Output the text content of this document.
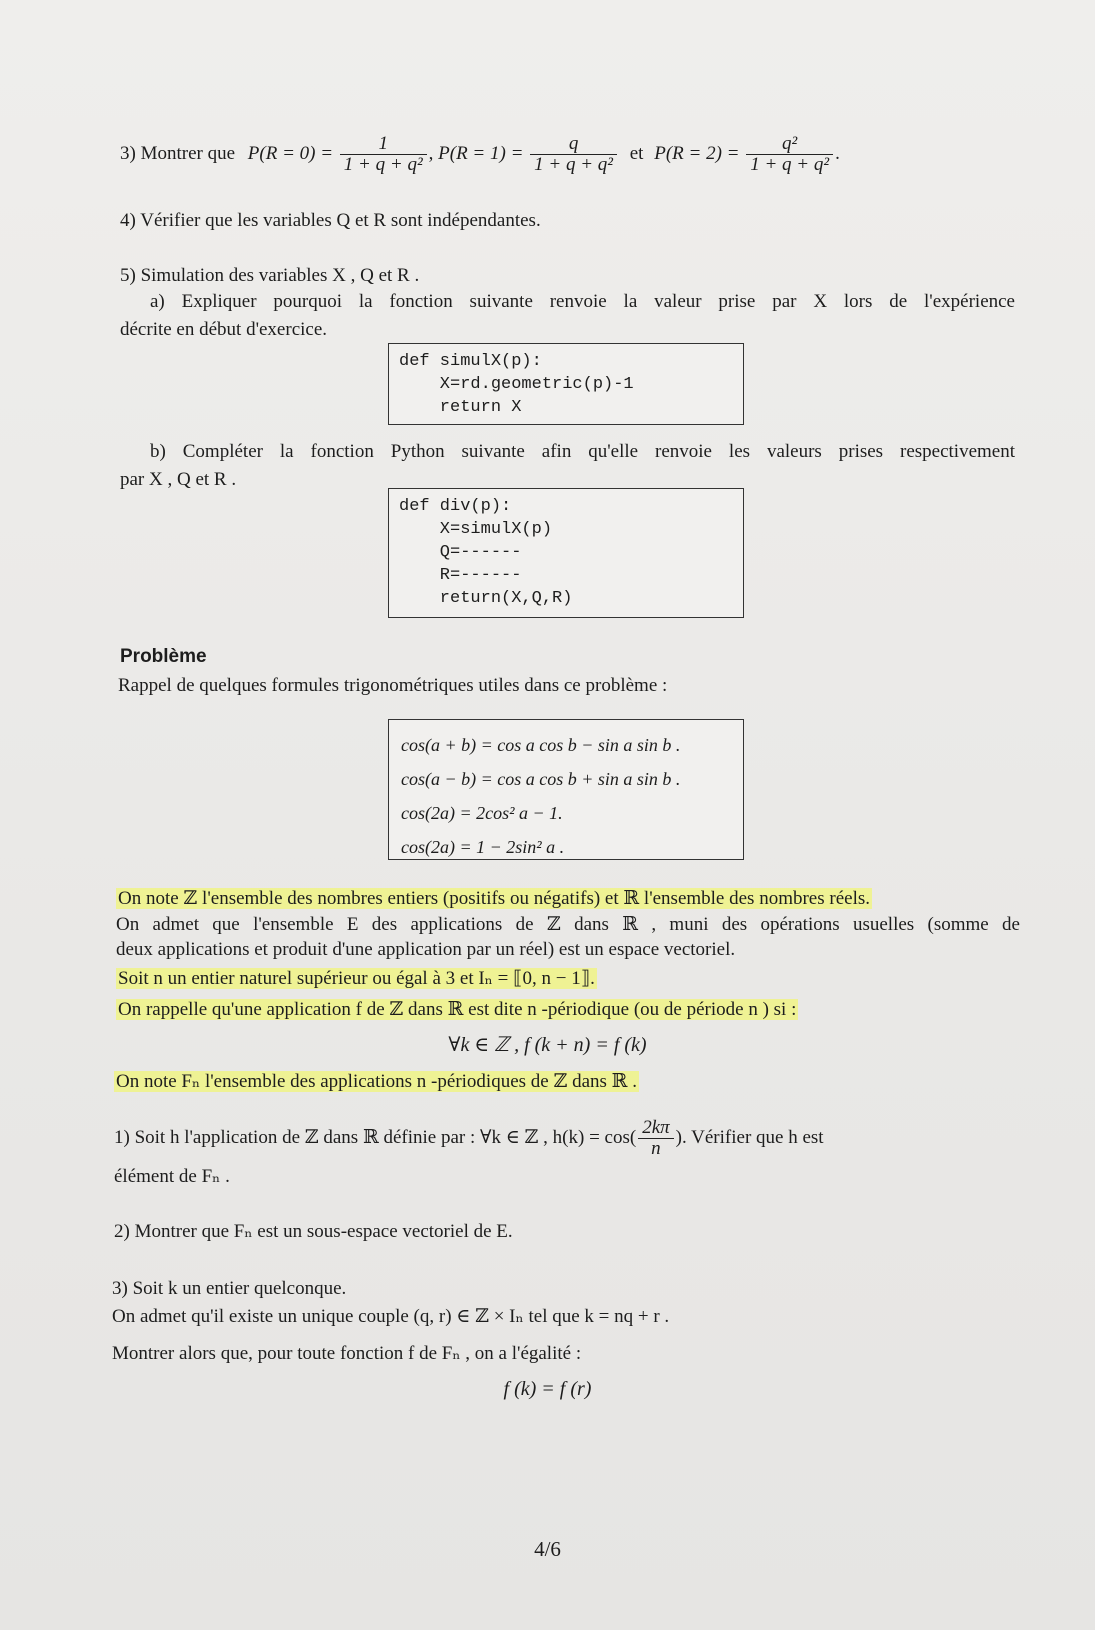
3) Montrer que $P(R = 0) = \frac{1}{\text{1 + q + q²}}$ , $P(R = 1) = \frac{q}{\text{1 + q + q²}}$ et $P(R = 2) = \frac{\text{q²}}{\text{1 + q + q²}}$ .
4) Vérifier que les variables Q et R sont indépendantes.
5) Simulation des variables X , Q et R .
a) Expliquer pourquoi la fonction suivante renvoie la valeur prise par X lors de l'expérience
décrite en début d'exercice.
def simulX(p):
X=rd.geometric(p)-1
return X
b) Compléter la fonction Python suivante afin qu'elle renvoie les valeurs prises respectivement
par X , Q et R .
def div(p):
X=simulX(p)
Q=------
R=------
return(X,Q,R)
Problème
Rappel de quelques formules trigonométriques utiles dans ce problème :
cos(a + b) = cos a cos b − sin a sin b .
cos(a − b) = cos a cos b + sin a sin b .
cos(2a) = 2cos² a − 1.
cos(2a) = 1 − 2sin² a .
On note ℤ l'ensemble des nombres entiers (positifs ou négatifs) et ℝ l'ensemble des nombres réels.
On admet que l'ensemble E des applications de ℤ dans ℝ , muni des opérations usuelles (somme de
deux applications et produit d'une application par un réel) est un espace vectoriel.
Soit n un entier naturel supérieur ou égal à 3 et Iₙ = ⟦0, n − 1⟧.
On rappelle qu'une application f de ℤ dans ℝ est dite n -périodique (ou de période n ) si :
∀k ∈ ℤ , f (k + n) = f (k)
On note Fₙ l'ensemble des applications n -périodiques de ℤ dans ℝ .
1) Soit h l'application de ℤ dans ℝ définie par : ∀k ∈ ℤ , $h(k) = \cos( \frac{2k\pi}{n}$ ). Vérifier que h est
élément de Fₙ .
2) Montrer que Fₙ est un sous-espace vectoriel de E.
3) Soit k un entier quelconque.
On admet qu'il existe un unique couple (q, r) ∈ ℤ × Iₙ tel que k = nq + r .
Montrer alors que, pour toute fonction f de Fₙ , on a l'égalité :
f (k) = f (r)
4/6
